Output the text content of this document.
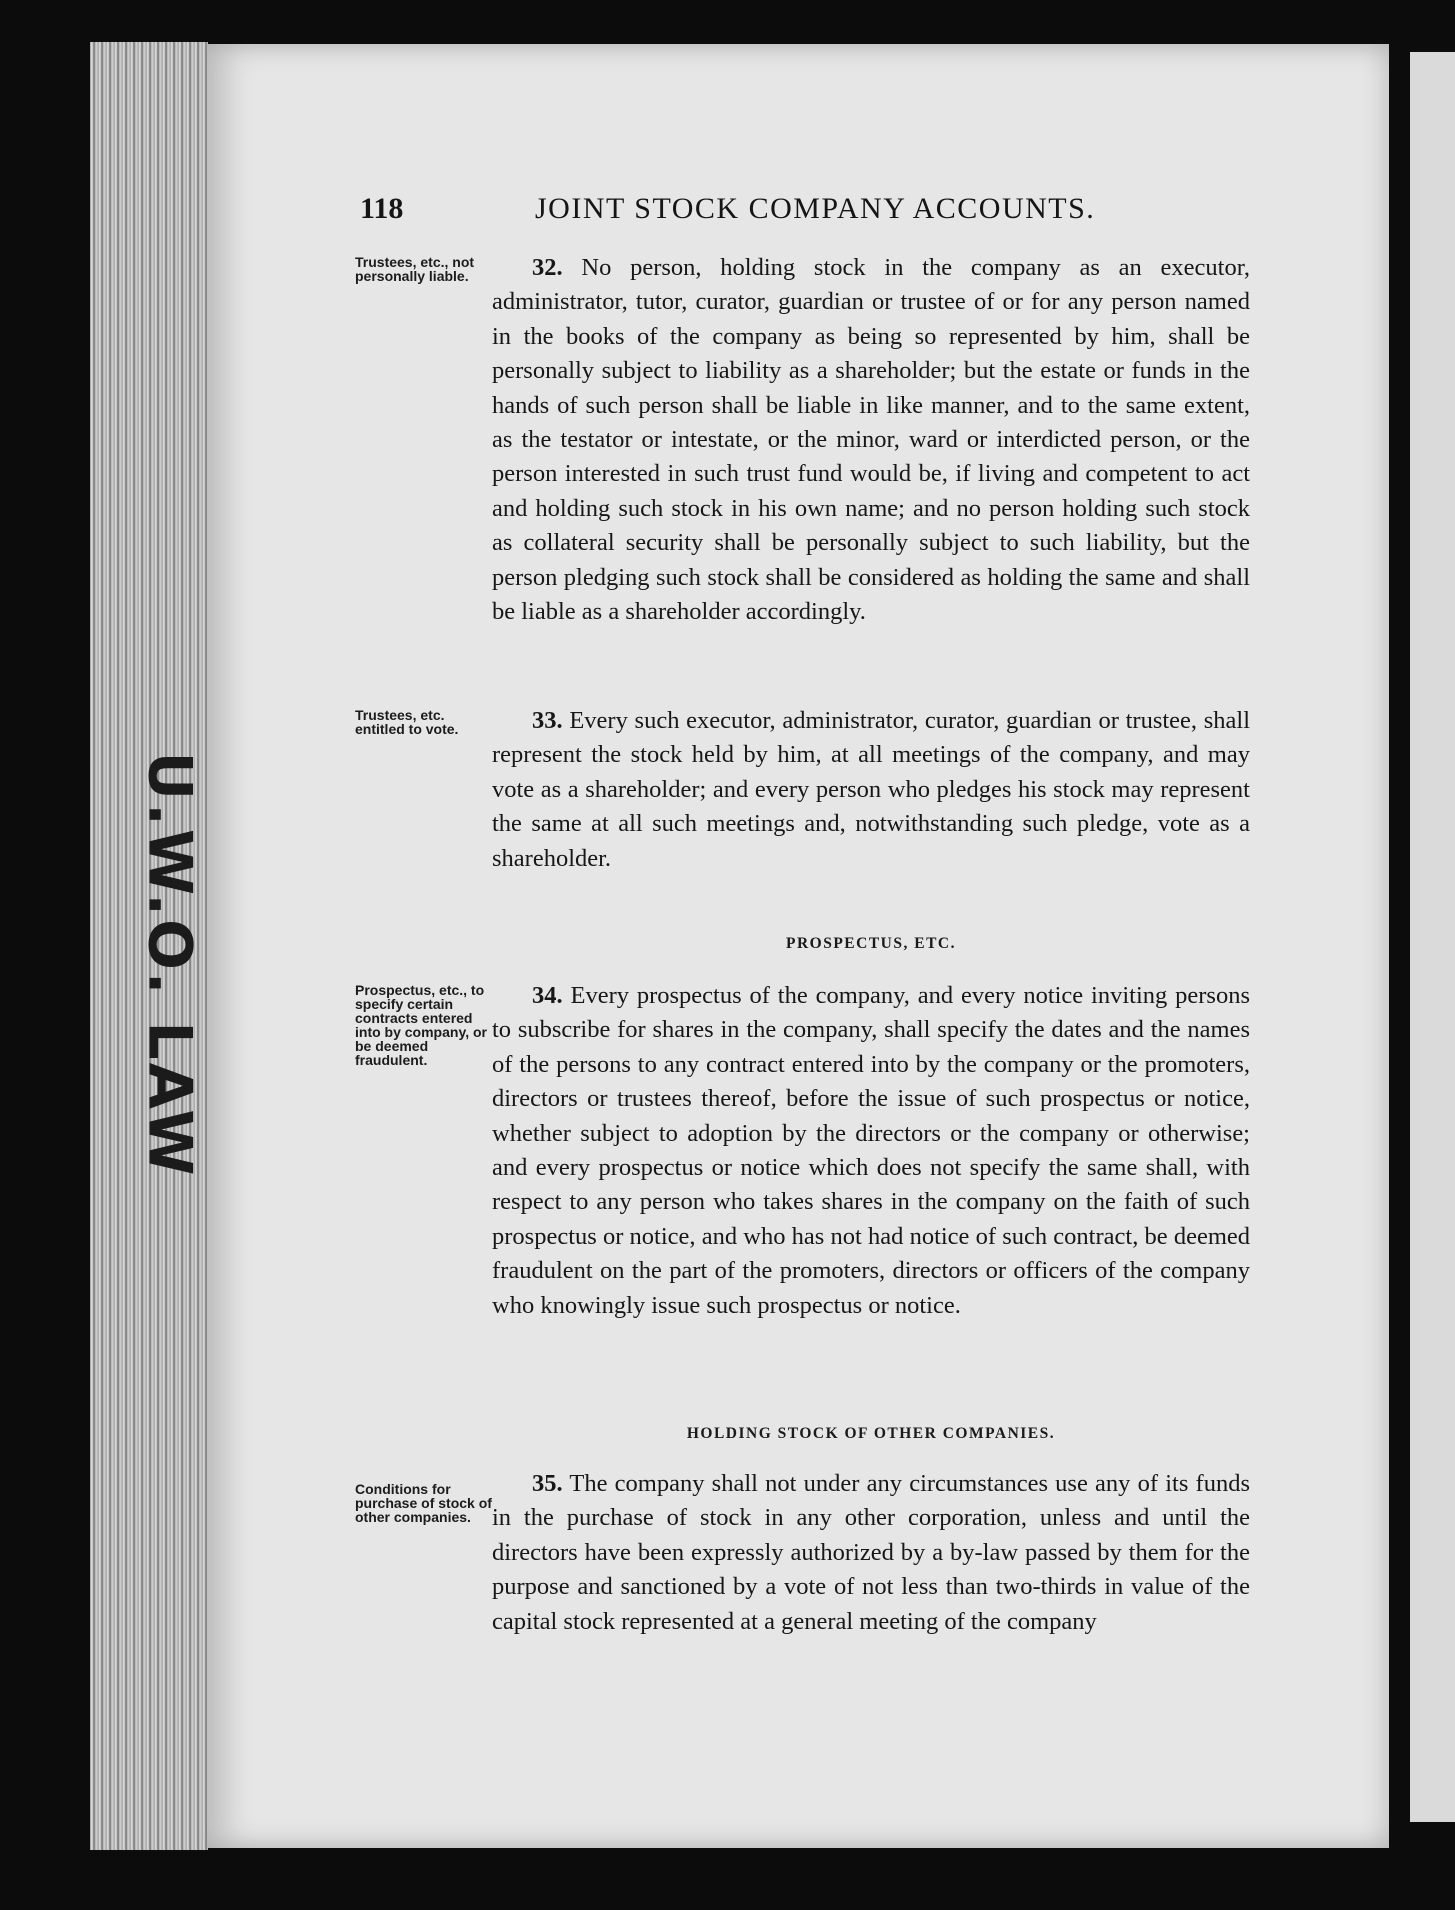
U.W.O. LAW
118	JOINT STOCK COMPANY ACCOUNTS.
Trustees, etc., not personally liable.	32. No person, holding stock in the company as an executor, administrator, tutor, curator, guardian or trustee of or for any person named in the books of the company as being so represented by him, shall be personally subject to liability as a shareholder; but the estate or funds in the hands of such person shall be liable in like manner, and to the same extent, as the testator or intestate, or the minor, ward or interdicted person, or the person interested in such trust fund would be, if living and competent to act and holding such stock in his own name; and no person holding such stock as collateral security shall be personally subject to such liability, but the person pledging such stock shall be considered as holding the same and shall be liable as a shareholder accordingly.

Trustees, etc. entitled to vote.	33. Every such executor, administrator, curator, guardian or trustee, shall represent the stock held by him, at all meetings of the company, and may vote as a shareholder; and every person who pledges his stock may represent the same at all such meetings and, notwithstanding such pledge, vote as a shareholder.

PROSPECTUS, ETC.
Prospectus, etc., to specify certain contracts entered into by company, or be deemed fraudulent.

34. Every prospectus of the company, and every notice inviting persons to subscribe for shares in the company, shall specify the dates and the names of the persons to any contract entered into by the company or the promoters, directors or trustees thereof, before the issue of such prospectus or notice, whether subject to adoption by the directors or the company or otherwise; and every prospectus or notice which does not specify the same shall, with respect to any person who takes shares in the company on the faith of such prospectus or notice, and who has not had notice of such contract, be deemed fraudulent on the part of the promoters, directors or officers of the company who knowingly issue such prospectus or notice.

HOLDING STOCK OF OTHER COMPANIES.
Conditions for purchase of stock of other companies.

35. The company shall not under any circumstances use any of its funds in the purchase of stock in any other corporation, unless and until the directors have been expressly authorized by a by-law passed by them for the purpose and sanctioned by a vote of not less than two-thirds in value of the capital stock represented at a general meeting of the company
